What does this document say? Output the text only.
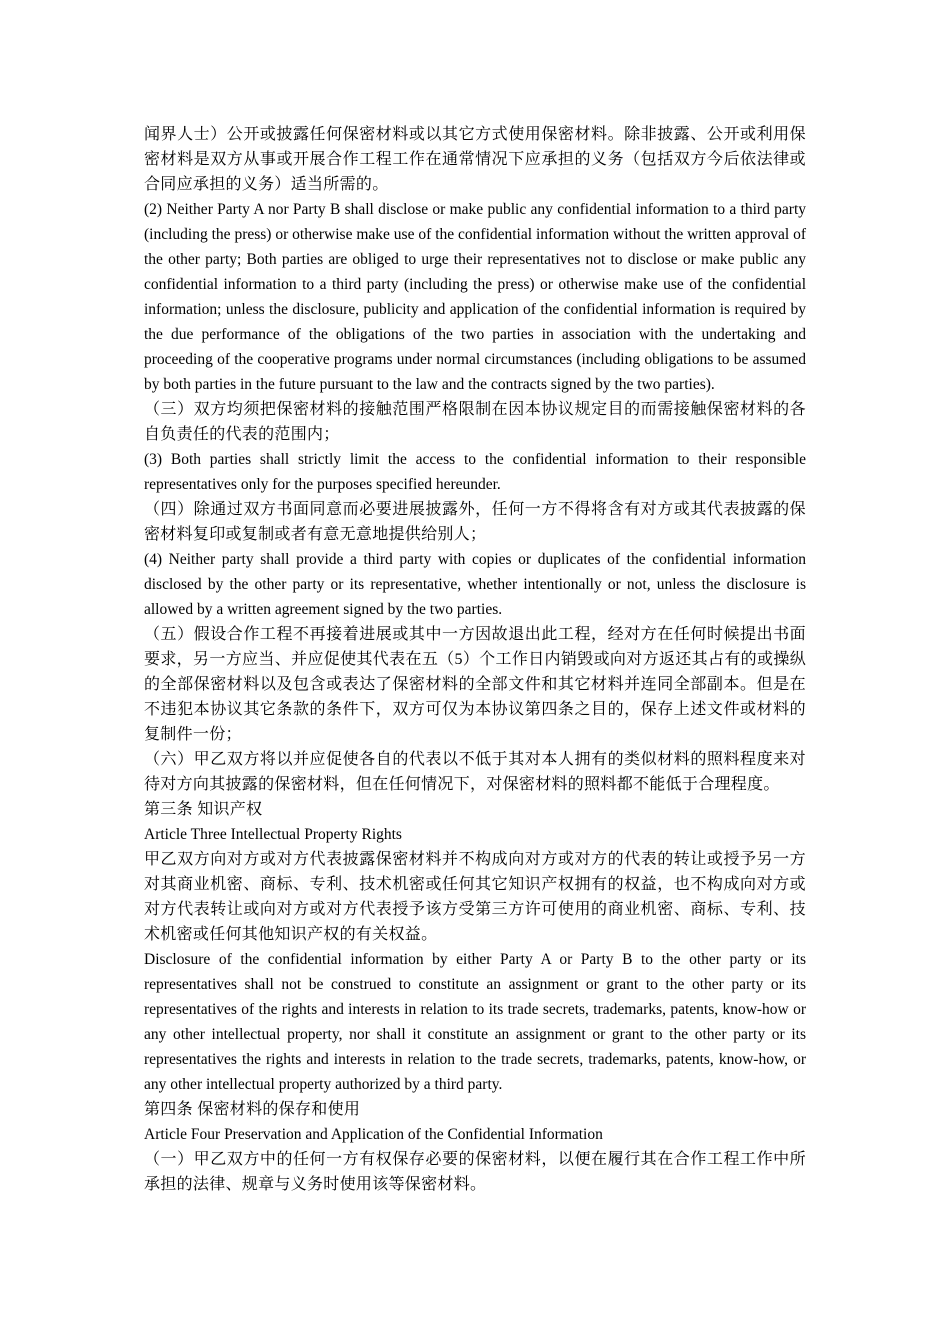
闻界人士）公开或披露任何保密材料或以其它方式使用保密材料。除非披露、公开或利用保密材料是双方从事或开展合作工程工作在通常情况下应承担的义务（包括双方今后依法律或合同应承担的义务）适当所需的。

(2) Neither Party A nor Party B shall disclose or make public any confidential information to a third party (including the press) or otherwise make use of the confidential information without the written approval of the other party; Both parties are obliged to urge their representatives not to disclose or make public any confidential information to a third party (including the press) or otherwise make use of the confidential information; unless the disclosure, publicity and application of the confidential information is required by the due performance of the obligations of the two parties in association with the undertaking and proceeding of the cooperative programs under normal circumstances (including obligations to be assumed by both parties in the future pursuant to the law and the contracts signed by the two parties).

（三）双方均须把保密材料的接触范围严格限制在因本协议规定目的而需接触保密材料的各自负责任的代表的范围内；

(3) Both parties shall strictly limit the access to the confidential information to their responsible representatives only for the purposes specified hereunder.

（四）除通过双方书面同意而必要进展披露外，任何一方不得将含有对方或其代表披露的保密材料复印或复制或者有意无意地提供给别人；

(4) Neither party shall provide a third party with copies or duplicates of the confidential information disclosed by the other party or its representative, whether intentionally or not, unless the disclosure is allowed by a written agreement signed by the two parties.

（五）假设合作工程不再接着进展或其中一方因故退出此工程，经对方在任何时候提出书面要求，另一方应当、并应促使其代表在五（5）个工作日内销毁或向对方返还其占有的或操纵的全部保密材料以及包含或表达了保密材料的全部文件和其它材料并连同全部副本。但是在不违犯本协议其它条款的条件下，双方可仅为本协议第四条之目的，保存上述文件或材料的复制件一份；

（六）甲乙双方将以并应促使各自的代表以不低于其对本人拥有的类似材料的照料程度来对待对方向其披露的保密材料，但在任何情况下，对保密材料的照料都不能低于合理程度。

第三条 知识产权

Article Three Intellectual Property Rights

甲乙双方向对方或对方代表披露保密材料并不构成向对方或对方的代表的转让或授予另一方对其商业机密、商标、专利、技术机密或任何其它知识产权拥有的权益，也不构成向对方或对方代表转让或向对方或对方代表授予该方受第三方许可使用的商业机密、商标、专利、技术机密或任何其他知识产权的有关权益。

Disclosure of the confidential information by either Party A or Party B to the other party or its representatives shall not be construed to constitute an assignment or grant to the other party or its representatives of the rights and interests in relation to its trade secrets, trademarks, patents, know-how or any other intellectual property, nor shall it constitute an assignment or grant to the other party or its representatives the rights and interests in relation to the trade secrets, trademarks, patents, know-how, or any other intellectual property authorized by a third party.

第四条 保密材料的保存和使用

Article Four Preservation and Application of the Confidential Information

（一）甲乙双方中的任何一方有权保存必要的保密材料，以便在履行其在合作工程工作中所承担的法律、规章与义务时使用该等保密材料。
